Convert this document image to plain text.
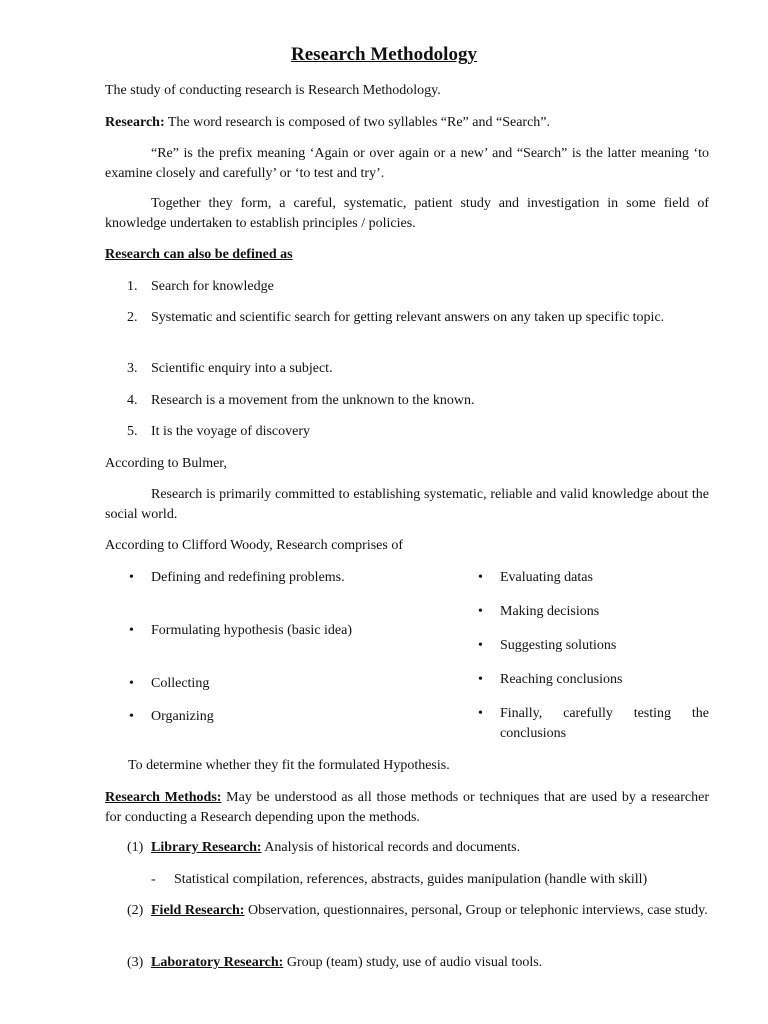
Research Methodology
The study of conducting research is Research Methodology.
Research: The word research is composed of two syllables “Re” and “Search”.
“Re” is the prefix meaning ‘Again or over again or a new’ and “Search” is the latter meaning ‘to examine closely and carefully’ or ‘to test and try’.
Together they form, a careful, systematic, patient study and investigation in some field of knowledge undertaken to establish principles / policies.
Research can also be defined as
1. Search for knowledge
2. Systematic and scientific search for getting relevant answers on any taken up specific topic.
3. Scientific enquiry into a subject.
4. Research is a movement from the unknown to the known.
5. It is the voyage of discovery
According to Bulmer,
Research is primarily committed to establishing systematic, reliable and valid knowledge about the social world.
According to Clifford Woody, Research comprises of
• Defining and redefining problems.
• Formulating hypothesis (basic idea)
• Collecting
• Organizing
• Evaluating datas
• Making decisions
• Suggesting solutions
• Reaching conclusions
• Finally, carefully testing the conclusions
To determine whether they fit the formulated Hypothesis.
Research Methods: May be understood as all those methods or techniques that are used by a researcher for conducting a Research depending upon the methods.
(1) Library Research: Analysis of historical records and documents.
- Statistical compilation, references, abstracts, guides manipulation (handle with skill)
(2) Field Research: Observation, questionnaires, personal, Group or telephonic interviews, case study.
(3) Laboratory Research: Group (team) study, use of audio visual tools.
